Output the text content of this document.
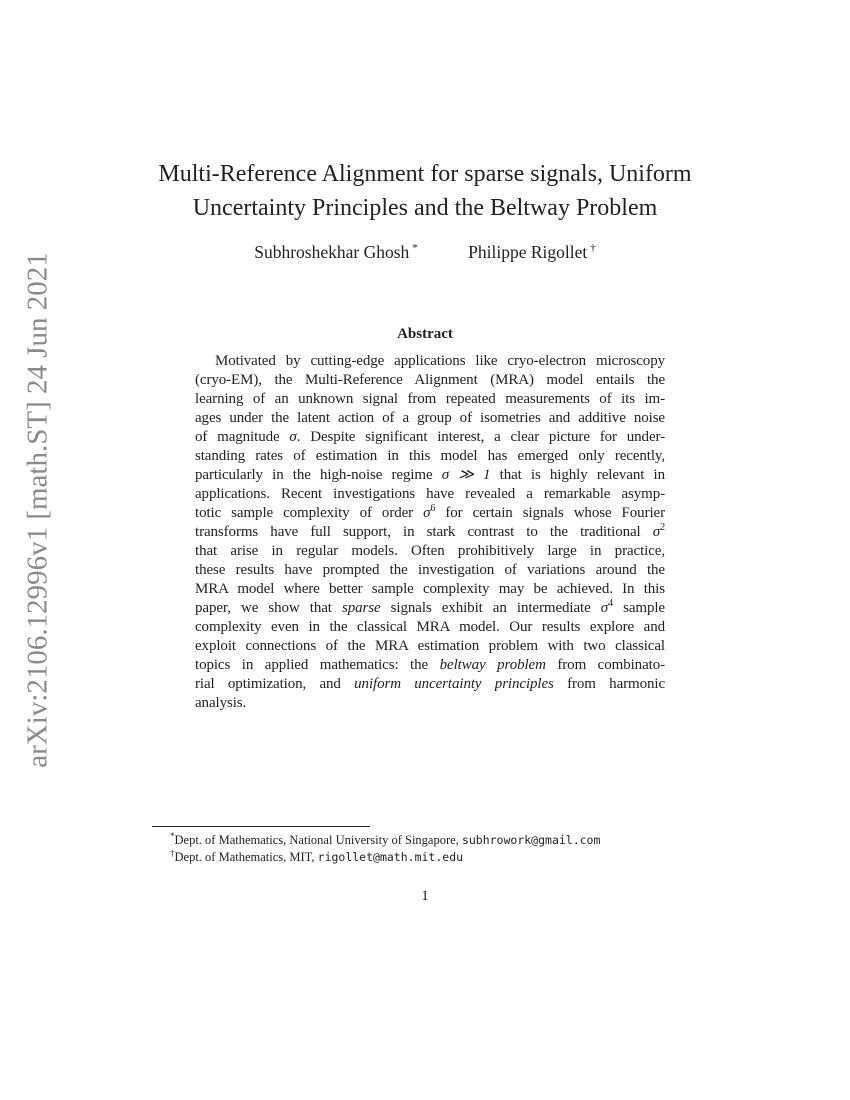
arXiv:2106.12996v1 [math.ST] 24 Jun 2021
Multi-Reference Alignment for sparse signals, Uniform
Uncertainty Principles and the Beltway Problem
Subhroshekhar Ghosh *	Philippe Rigollet †
Abstract
Motivated by cutting-edge applications like cryo-electron microscopy
(cryo-EM), the Multi-Reference Alignment (MRA) model entails the
learning of an unknown signal from repeated measurements of its im-
ages under the latent action of a group of isometries and additive noise
of magnitude σ. Despite significant interest, a clear picture for under-
standing rates of estimation in this model has emerged only recently,
particularly in the high-noise regime σ ≫ 1 that is highly relevant in
applications. Recent investigations have revealed a remarkable asymp-
totic sample complexity of order $\sigma^6$ for certain signals whose Fourier
transforms have full support, in stark contrast to the traditional $\sigma^2$
that arise in regular models. Often prohibitively large in practice,
these results have prompted the investigation of variations around the
MRA model where better sample complexity may be achieved. In this
paper, we show that sparse signals exhibit an intermediate $\sigma^4$ sample
complexity even in the classical MRA model. Our results explore and
exploit connections of the MRA estimation problem with two classical
topics in applied mathematics: the beltway problem from combinato-
rial optimization, and uniform uncertainty principles from harmonic
analysis.
*Dept. of Mathematics, National University of Singapore, subhrowork@gmail.com
†Dept. of Mathematics, MIT, rigollet@math.mit.edu
1
